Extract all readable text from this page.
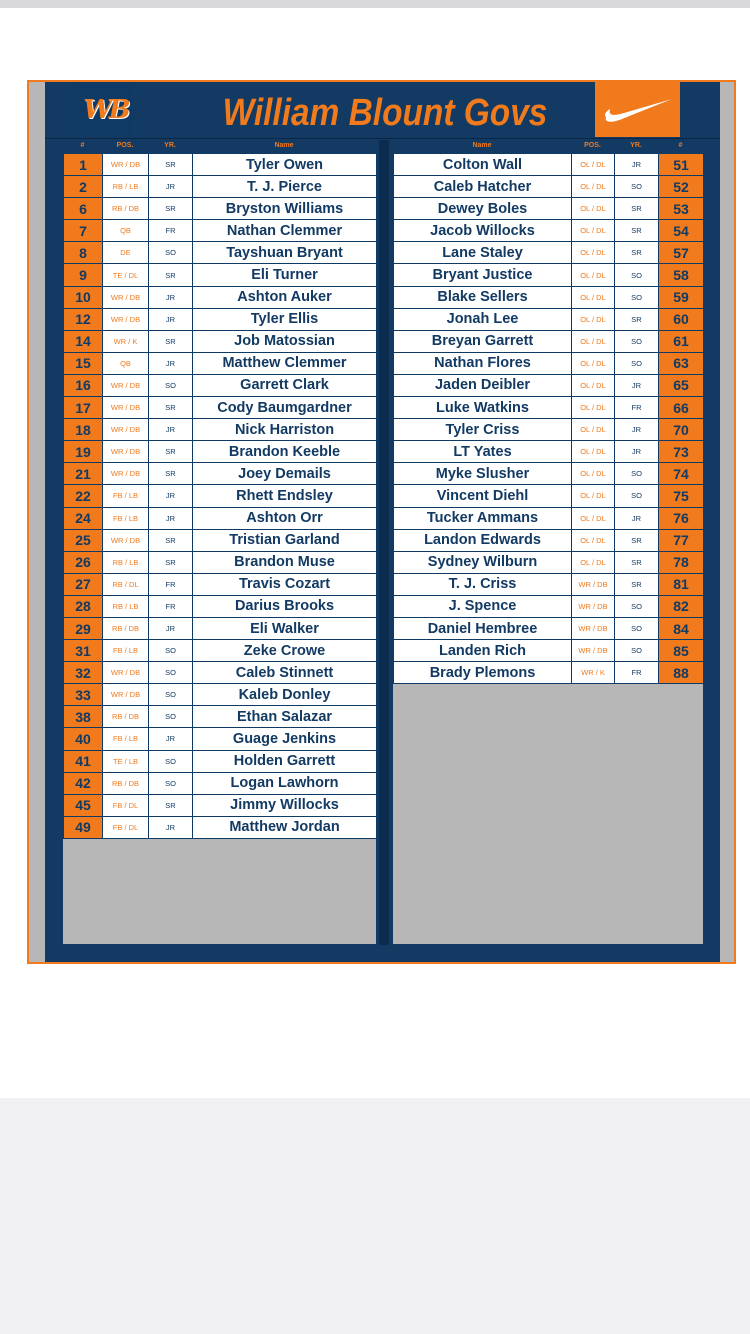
WB	William Blount Govs
#	POS.	YR.	Name	Name	POS.	YR.	#
1	WR / DB	SR	Tyler Owen
2	RB / LB	JR	T. J. Pierce
6	RB / DB	SR	Bryston Williams
7	QB	FR	Nathan Clemmer
8	DE	SO	Tayshuan Bryant
9	TE / DL	SR	Eli Turner
10	WR / DB	JR	Ashton Auker
12	WR / DB	JR	Tyler Ellis
14	WR / K	SR	Job Matossian
15	QB	JR	Matthew Clemmer
16	WR / DB	SO	Garrett Clark
17	WR / DB	SR	Cody Baumgardner
18	WR / DB	JR	Nick Harriston
19	WR / DB	SR	Brandon Keeble
21	WR / DB	SR	Joey Demails
22	FB / LB	JR	Rhett Endsley
24	FB / LB	JR	Ashton Orr
25	WR / DB	SR	Tristian Garland
26	RB / LB	SR	Brandon Muse
27	RB / DL	FR	Travis Cozart
28	RB / LB	FR	Darius Brooks
29	RB / DB	JR	Eli Walker
31	FB / LB	SO	Zeke Crowe
32	WR / DB	SO	Caleb Stinnett
33	WR / DB	SO	Kaleb Donley
38	RB / DB	SO	Ethan Salazar
40	FB / LB	JR	Guage Jenkins
41	TE / LB	SO	Holden Garrett
42	RB / DB	SO	Logan Lawhorn
45	FB / DL	SR	Jimmy Willocks
49	FB / DL	JR	Matthew Jordan
Colton Wall	OL / DL	JR	51
Caleb Hatcher	OL / DL	SO	52
Dewey Boles	OL / DL	SR	53
Jacob Willocks	OL / DL	SR	54
Lane Staley	OL / DL	SR	57
Bryant Justice	OL / DL	SO	58
Blake Sellers	OL / DL	SO	59
Jonah Lee	OL / DL	SR	60
Breyan Garrett	OL / DL	SO	61
Nathan Flores	OL / DL	SO	63
Jaden Deibler	OL / DL	JR	65
Luke Watkins	OL / DL	FR	66
Tyler Criss	OL / DL	JR	70
LT Yates	OL / DL	JR	73
Myke Slusher	OL / DL	SO	74
Vincent Diehl	OL / DL	SO	75
Tucker Ammans	OL / DL	JR	76
Landon Edwards	OL / DL	SR	77
Sydney Wilburn	OL / DL	SR	78
T. J. Criss	WR / DB	SR	81
J. Spence	WR / DB	SO	82
Daniel Hembree	WR / DB	SO	84
Landen Rich	WR / DB	SO	85
Brady Plemons	WR / K	FR	88
